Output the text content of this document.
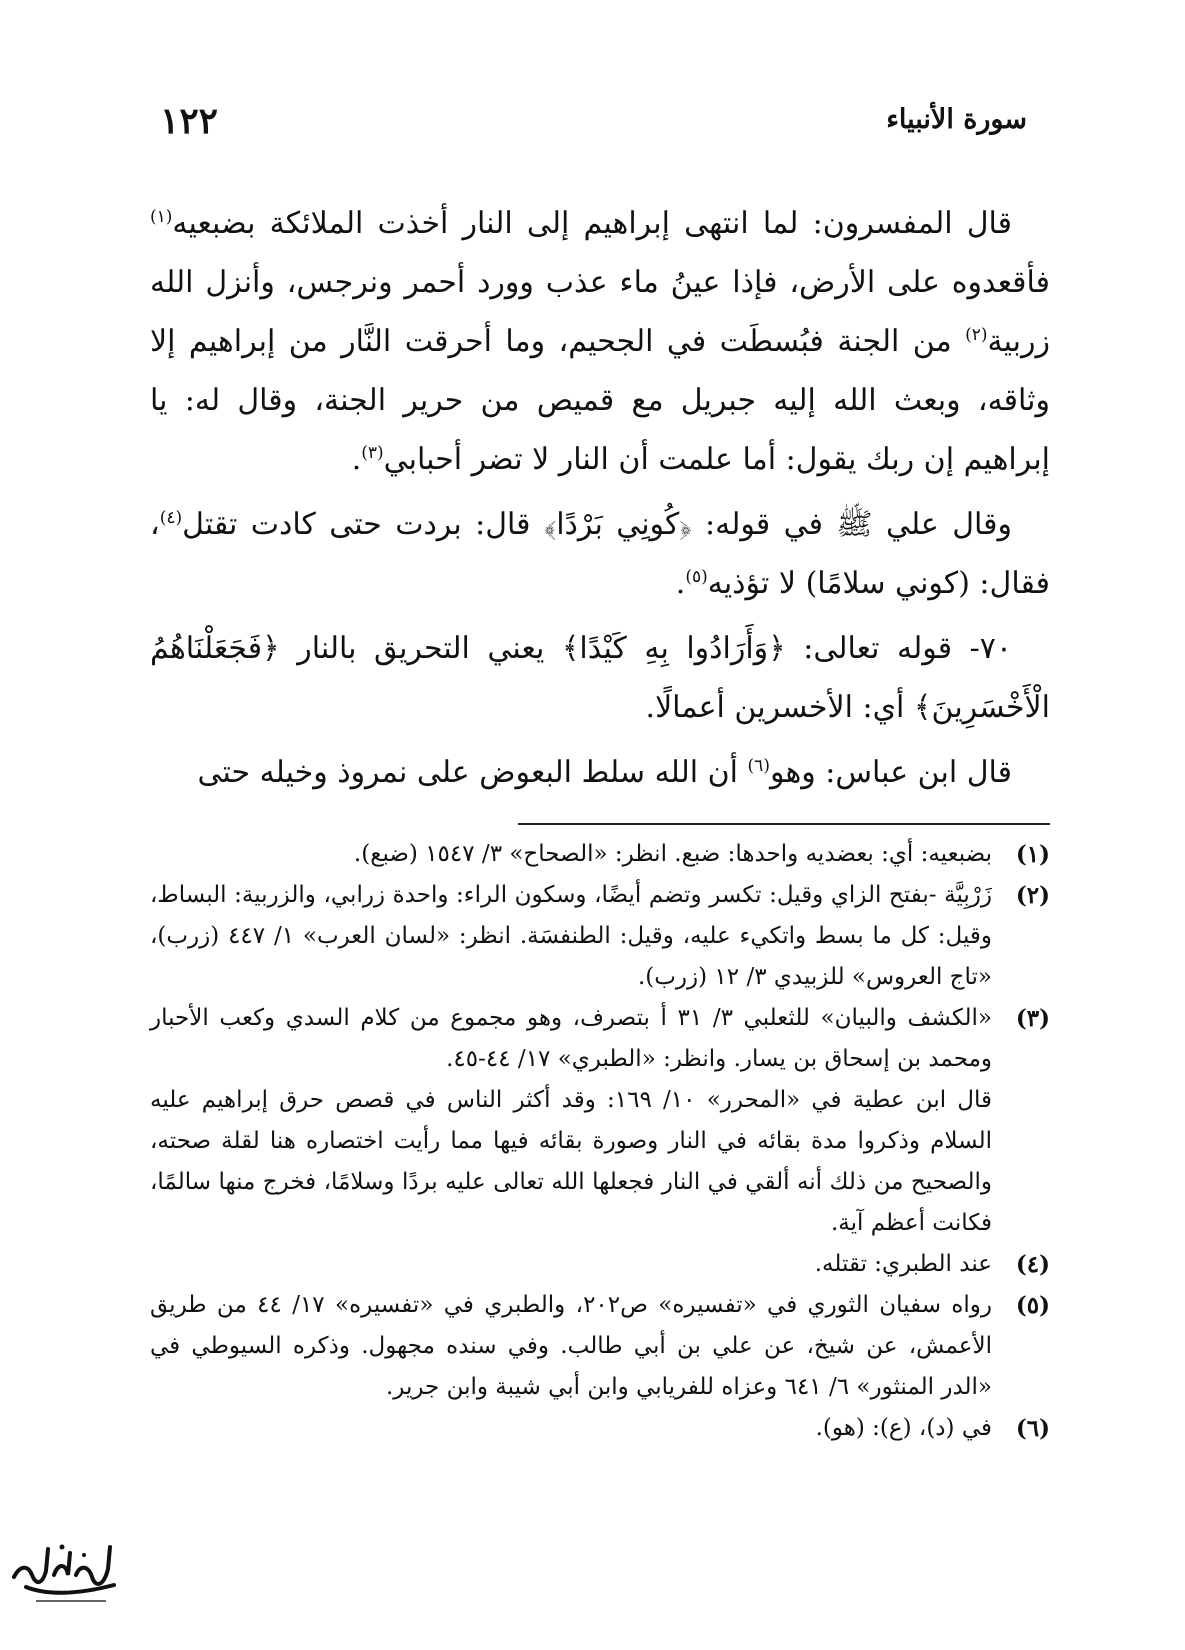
سورة الأنبياء
١٢٢

قال المفسرون: لما انتهى إبراهيم إلى النار أخذت الملائكة بضبعيه$^{(١)}$ فأقعدوه على الأرض، فإذا عينُ ماء عذب وورد أحمر ونرجس، وأنزل الله زربية$^{(٢)}$ من الجنة فبُسطَت في الجحيم، وما أحرقت النَّار من إبراهيم إلا وثاقه، وبعث الله إليه جبريل مع قميص من حرير الجنة، وقال له: يا إبراهيم إن ربك يقول: أما علمت أن النار لا تضر أحبابي$^{(٣)}$.

وقال علي ﷺ في قوله: ﴿كُونِي بَرْدًا﴾ قال: بردت حتى كادت تقتل$^{(٤)}$، فقال: (كوني سلامًا) لا تؤذيه$^{(٥)}$.

٧٠- قوله تعالى: ﴿وَأَرَادُوا بِهِ كَيْدًا﴾ يعني التحريق بالنار ﴿فَجَعَلْنَاهُمُ الْأَخْسَرِينَ﴾ أي: الأخسرين أعمالًا.

قال ابن عباس: وهو$^{(٦)}$ أن الله سلط البعوض على نمروذ وخيله حتى

(١)
بضبعيه: أي: بعضديه واحدها: ضبع. انظر: «الصحاح» ٣/ ١٥٤٧ (ضبع).
(٢)
زَرْبِيَّة -بفتح الزاي وقيل: تكسر وتضم أيضًا، وسكون الراء: واحدة زرابي، والزربية: البساط، وقيل: كل ما بسط واتكيء عليه، وقيل: الطنفسَة. انظر: «لسان العرب» ١/ ٤٤٧ (زرب)، «تاج العروس» للزبيدي ٣/ ١٢ (زرب).
(٣)
«الكشف والبيان» للثعلبي ٣/ ٣١ أ بتصرف، وهو مجموع من كلام السدي وكعب الأحبار ومحمد بن إسحاق بن يسار. وانظر: «الطبري» ١٧/ ٤٤-٤٥.
قال ابن عطية في «المحرر» ١٠/ ١٦٩: وقد أكثر الناس في قصص حرق إبراهيم عليه السلام وذكروا مدة بقائه في النار وصورة بقائه فيها مما رأيت اختصاره هنا لقلة صحته، والصحيح من ذلك أنه ألقي في النار فجعلها الله تعالى عليه بردًا وسلامًا، فخرج منها سالمًا، فكانت أعظم آية.
(٤)
عند الطبري: تقتله.
(٥)
رواه سفيان الثوري في «تفسيره» ص٢٠٢، والطبري في «تفسيره» ١٧/ ٤٤ من طريق الأعمش، عن شيخ، عن علي بن أبي طالب. وفي سنده مجهول. وذكره السيوطي في «الدر المنثور» ٦/ ٦٤١ وعزاه للفريابي وابن أبي شيبة وابن جرير.
(٦)
في (د)، (ع): (هو).
